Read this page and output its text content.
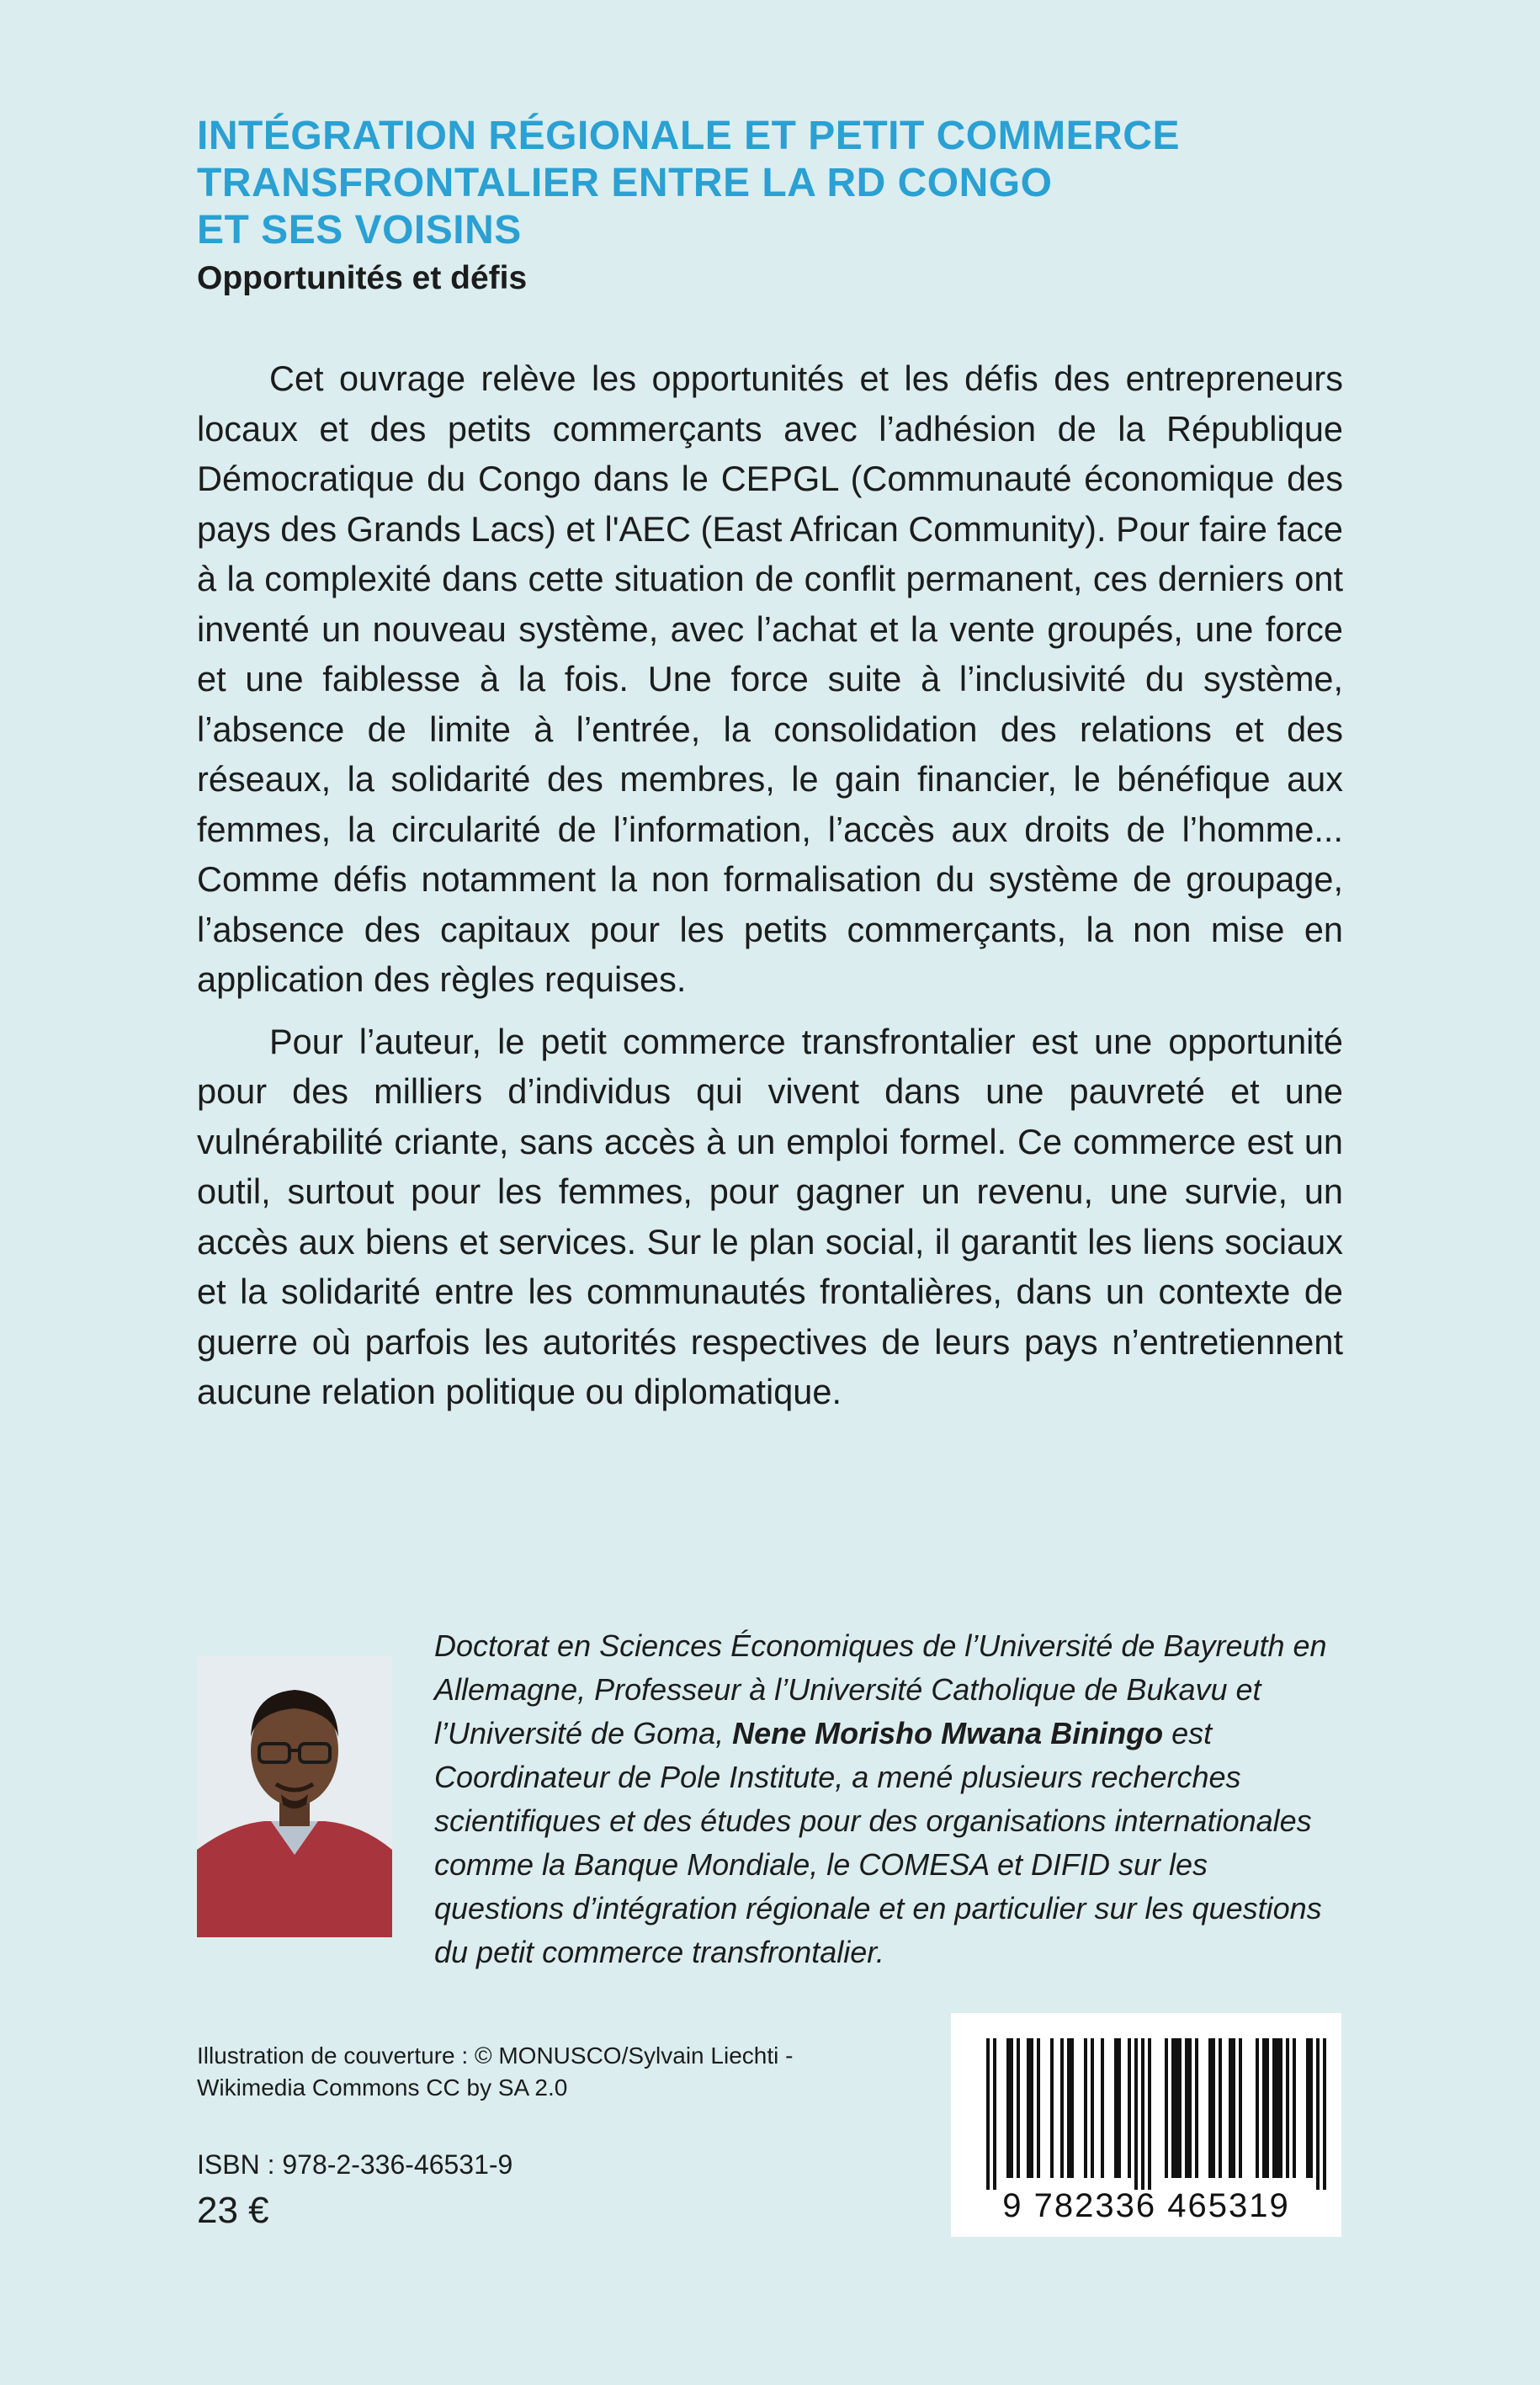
INTÉGRATION RÉGIONALE ET PETIT COMMERCE
TRANSFRONTALIER ENTRE LA RD CONGO
ET SES VOISINS
Opportunités et défis

Cet ouvrage relève les opportunités et les défis des entrepreneurs locaux et des petits commerçants avec l’adhésion de la République Démocratique du Congo dans le CEPGL (Communauté économique des pays des Grands Lacs) et l'AEC (East African Community). Pour faire face à la complexité dans cette situation de conflit permanent, ces derniers ont inventé un nouveau système, avec l’achat et la vente groupés, une force et une faiblesse à la fois. Une force suite à l’inclusivité du système, l’absence de limite à l’entrée, la consolidation des relations et des réseaux, la solidarité des membres, le gain financier, le bénéfique aux femmes, la circularité de l’information, l’accès aux droits de l’homme... Comme défis notamment la non formalisation du système de groupage, l’absence des capitaux pour les petits commerçants, la non mise en application des règles requises.

Pour l’auteur, le petit commerce transfrontalier est une opportunité pour des milliers d’individus qui vivent dans une pauvreté et une vulnérabilité criante, sans accès à un emploi formel. Ce commerce est un outil, surtout pour les femmes, pour gagner un revenu, une survie, un accès aux biens et services. Sur le plan social, il garantit les liens sociaux et la solidarité entre les communautés frontalières, dans un contexte de guerre où parfois les autorités respectives de leurs pays n’entretiennent aucune relation politique ou diplomatique.

Doctorat en Sciences Économiques de l’Université de Bayreuth en Allemagne, Professeur à l’Université Catholique de Bukavu et l’Université de Goma, Nene Morisho Mwana Biningo est Coordinateur de Pole Institute, a mené plusieurs recherches scientifiques et des études pour des organisations internationales comme la Banque Mondiale, le COMESA et DIFID sur les questions d’intégration régionale et en particulier sur les questions du petit commerce transfrontalier.

Illustration de couverture : © MONUSCO/Sylvain Liechti -
Wikimedia Commons CC by SA 2.0

ISBN : 978-2-336-46531-9

23 €	9 782336 465319
